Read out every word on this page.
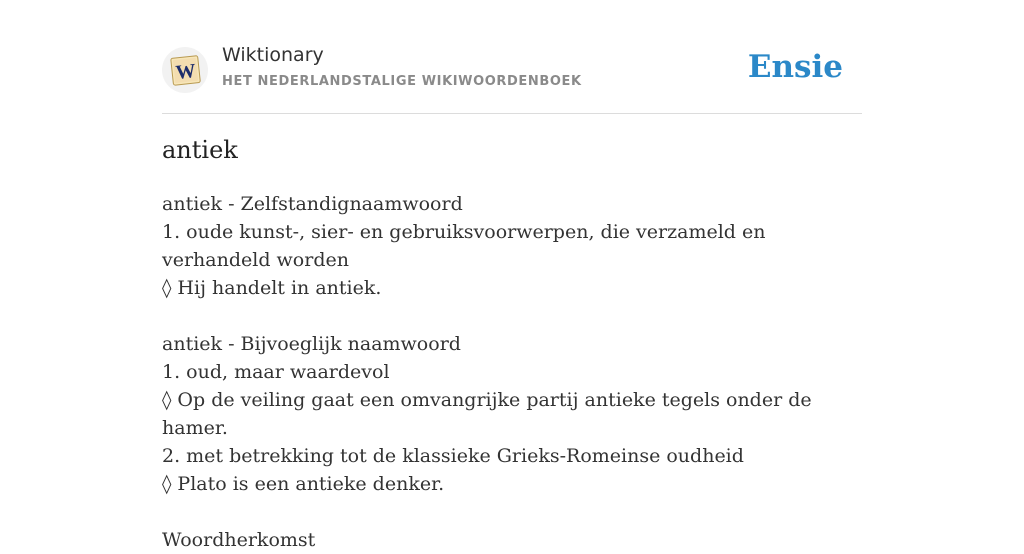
W
Wiktionary
HET NEDERLANDSTALIGE WIKIWOORDENBOEK	Ensie
antiek
antiek - Zelfstandignaamwoord
1. oude kunst-, sier- en gebruiksvoorwerpen, die verzameld en verhandeld worden
◊ Hij handelt in antiek.
antiek - Bijvoeglijk naamwoord
1. oud, maar waardevol
◊ Op de veiling gaat een omvangrijke partij antieke tegels onder de hamer.
2. met betrekking tot de klassieke Grieks-Romeinse oudheid
◊ Plato is een antieke denker.
Woordherkomst
